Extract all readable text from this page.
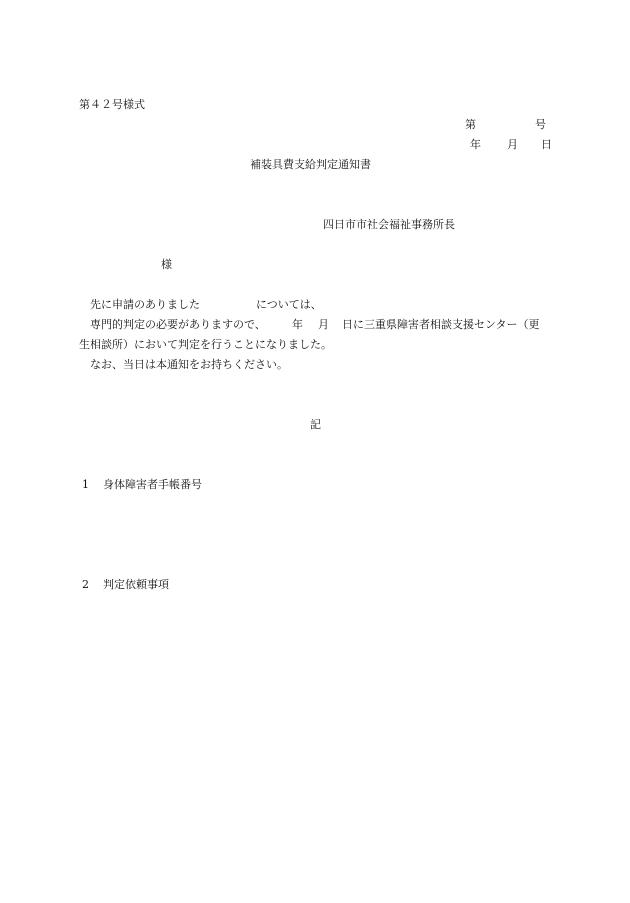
第４２号様式
第	号
年 月 日
補装具費支給判定通知書
四日市市社会福祉事務所長
様
先に申請のありました	については、
専門的判定の必要がありますので、 年 月 日に三重県障害者相談支援センター（更
生相談所）において判定を行うことになりました。
なお、当日は本通知をお持ちください。
記
1 身体障害者手帳番号
2 判定依頼事項
